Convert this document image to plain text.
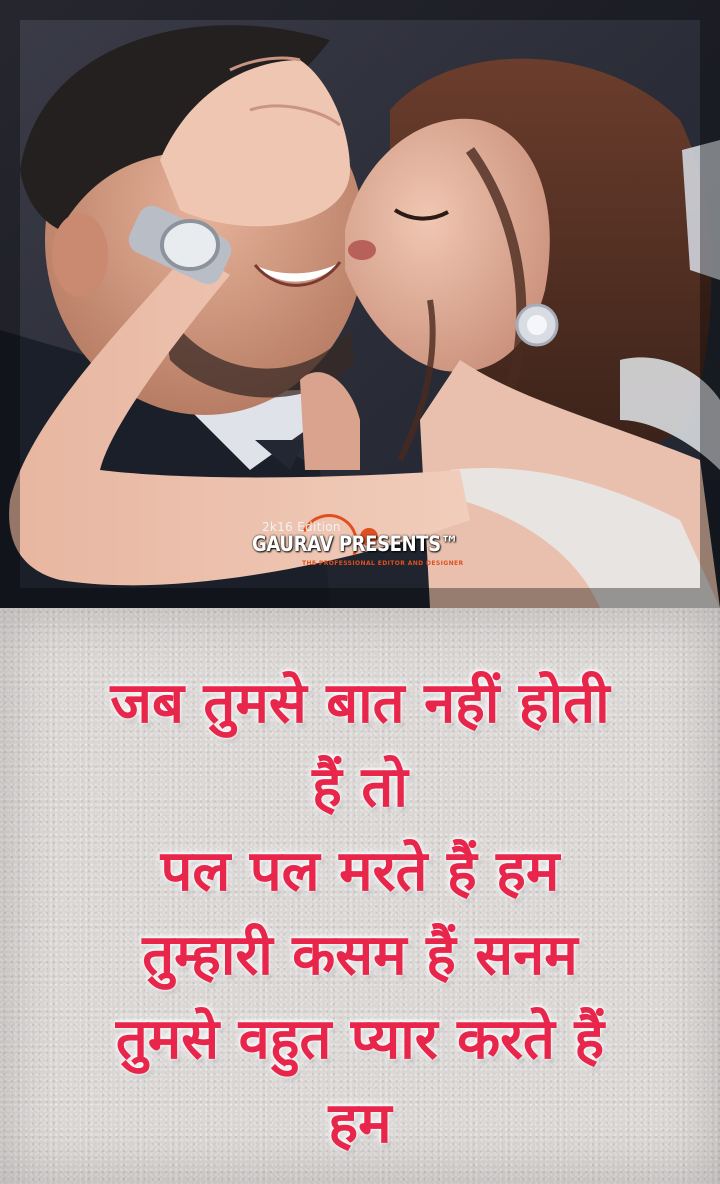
2k16 Edition
GAURAV PRESENTS™
THE PROFESSIONAL EDITOR AND DESIGNER
जब तुमसे बात नहीं होती
हैं तो
पल पल मरते हैं हम
तुम्हारी कसम हैं सनम
तुमसे वहुत प्यार करते हैं
हम
